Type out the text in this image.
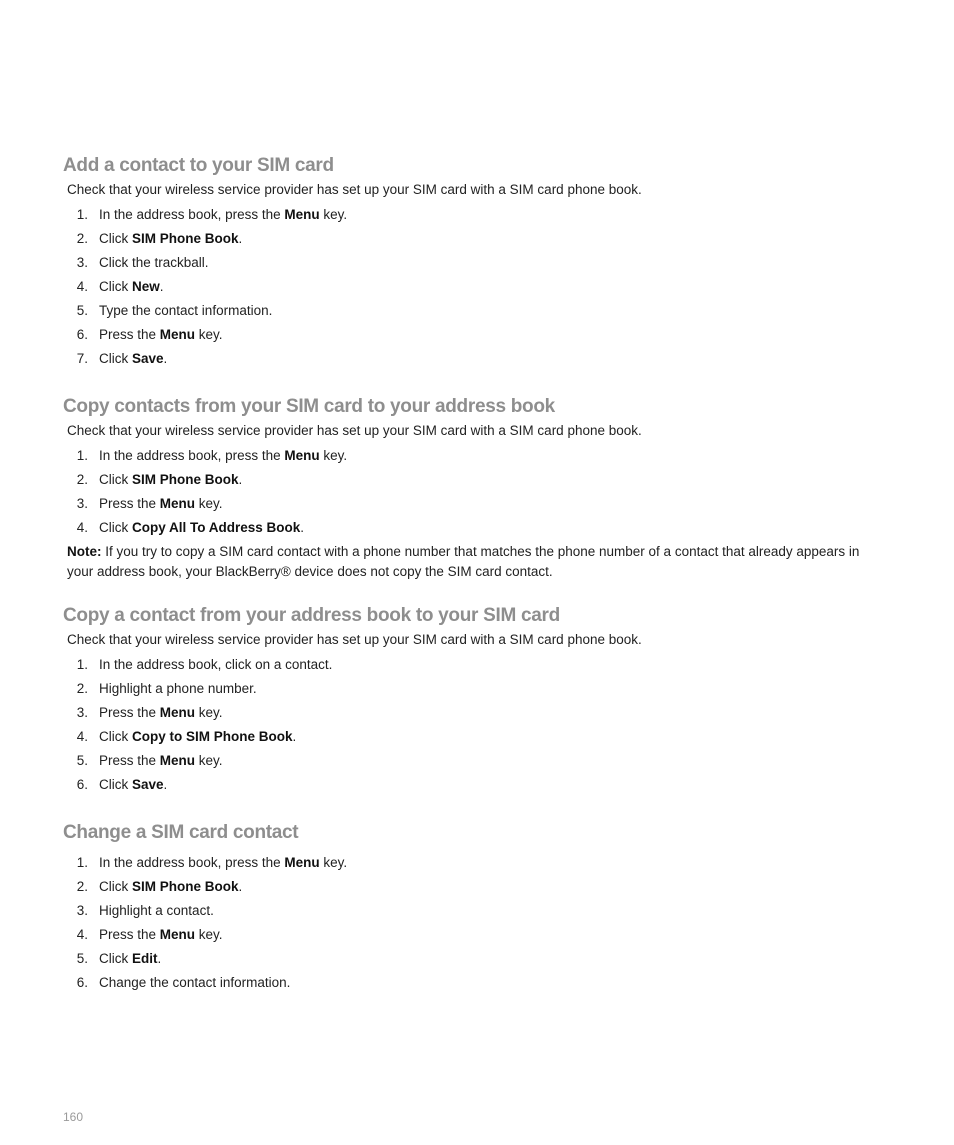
Add a contact to your SIM card
Check that your wireless service provider has set up your SIM card with a SIM card phone book.
1. In the address book, press the Menu key.
2. Click SIM Phone Book.
3. Click the trackball.
4. Click New.
5. Type the contact information.
6. Press the Menu key.
7. Click Save.
Copy contacts from your SIM card to your address book
Check that your wireless service provider has set up your SIM card with a SIM card phone book.
1. In the address book, press the Menu key.
2. Click SIM Phone Book.
3. Press the Menu key.
4. Click Copy All To Address Book.
Note: If you try to copy a SIM card contact with a phone number that matches the phone number of a contact that already appears in your address book, your BlackBerry® device does not copy the SIM card contact.
Copy a contact from your address book to your SIM card
Check that your wireless service provider has set up your SIM card with a SIM card phone book.
1. In the address book, click on a contact.
2. Highlight a phone number.
3. Press the Menu key.
4. Click Copy to SIM Phone Book.
5. Press the Menu key.
6. Click Save.
Change a SIM card contact
1. In the address book, press the Menu key.
2. Click SIM Phone Book.
3. Highlight a contact.
4. Press the Menu key.
5. Click Edit.
6. Change the contact information.
160
